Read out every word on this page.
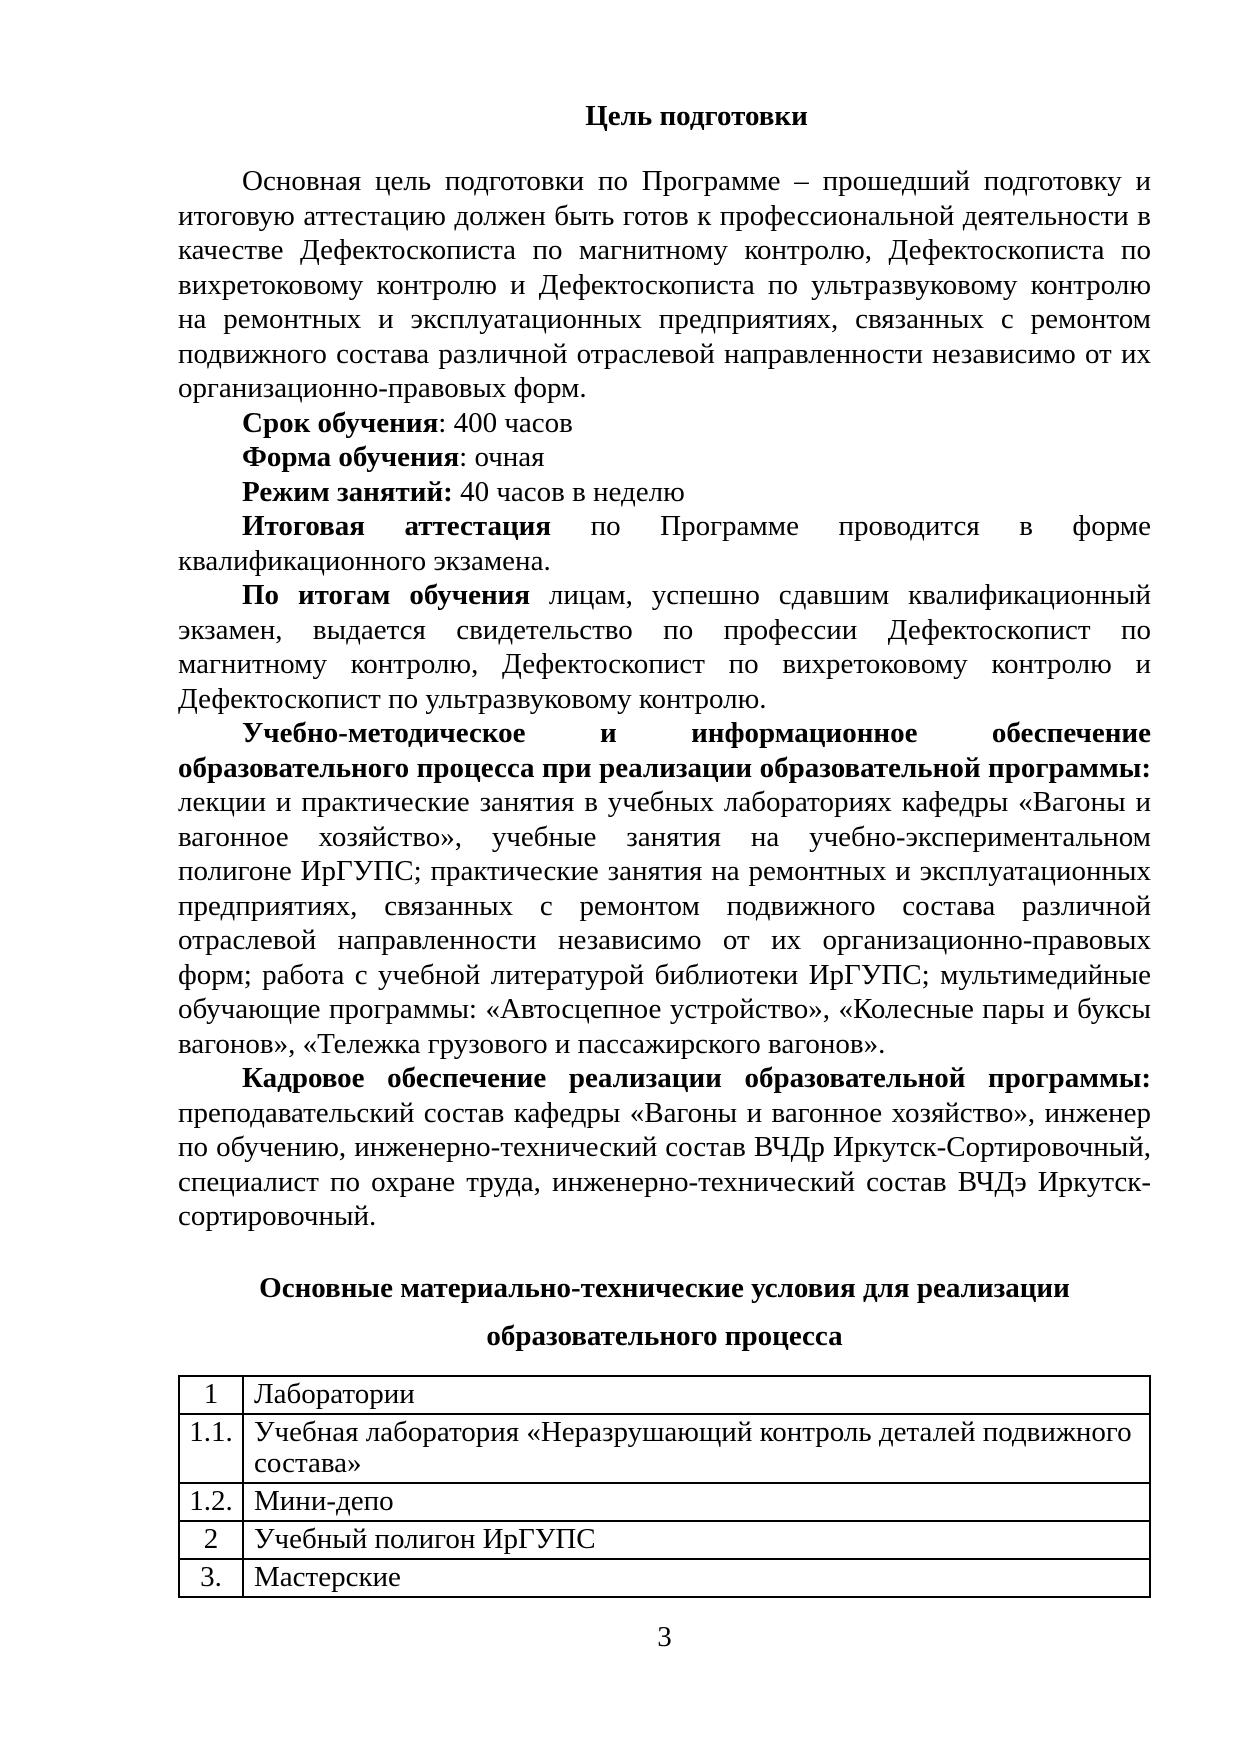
Цель подготовки

Основная цель подготовки по Программе – прошедший подготовку и итоговую аттестацию должен быть готов к профессиональной деятельности в качестве Дефектоскописта по магнитному контролю, Дефектоскописта по вихретоковому контролю и Дефектоскописта по ультразвуковому контролю на ремонтных и эксплуатационных предприятиях, связанных с ремонтом подвижного состава различной отраслевой направленности независимо от их организационно-правовых форм.

Срок обучения: 400 часов

Форма обучения: очная

Режим занятий: 40 часов в неделю

Итоговая аттестация по Программе проводится в форме квалификационного экзамена.

По итогам обучения лицам, успешно сдавшим квалификационный экзамен, выдается свидетельство по профессии Дефектоскопист по магнитному контролю, Дефектоскопист по вихретоковому контролю и Дефектоскопист по ультразвуковому контролю.

Учебно-методическое и информационное обеспечение образовательного процесса при реализации образовательной программы: лекции и практические занятия в учебных лабораториях кафедры «Вагоны и вагонное хозяйство», учебные занятия на учебно-экспериментальном полигоне ИрГУПС; практические занятия на ремонтных и эксплуатационных предприятиях, связанных с ремонтом подвижного состава различной отраслевой направленности независимо от их организационно-правовых форм; работа с учебной литературой библиотеки ИрГУПС; мультимедийные обучающие программы: «Автосцепное устройство», «Колесные пары и буксы вагонов», «Тележка грузового и пассажирского вагонов».

Кадровое обеспечение реализации образовательной программы: преподавательский состав кафедры «Вагоны и вагонное хозяйство», инженер по обучению, инженерно-технический состав ВЧДр Иркутск-Сортировочный, специалист по охране труда, инженерно-технический состав ВЧДэ Иркутск-сортировочный.

Основные материально-технические условия для реализации
образовательного процесса
1	Лаборатории
1.1.	Учебная лаборатория «Неразрушающий контроль деталей подвижного состава»
1.2.	Мини-депо
2	Учебный полигон ИрГУПС
3.	Мастерские
3
